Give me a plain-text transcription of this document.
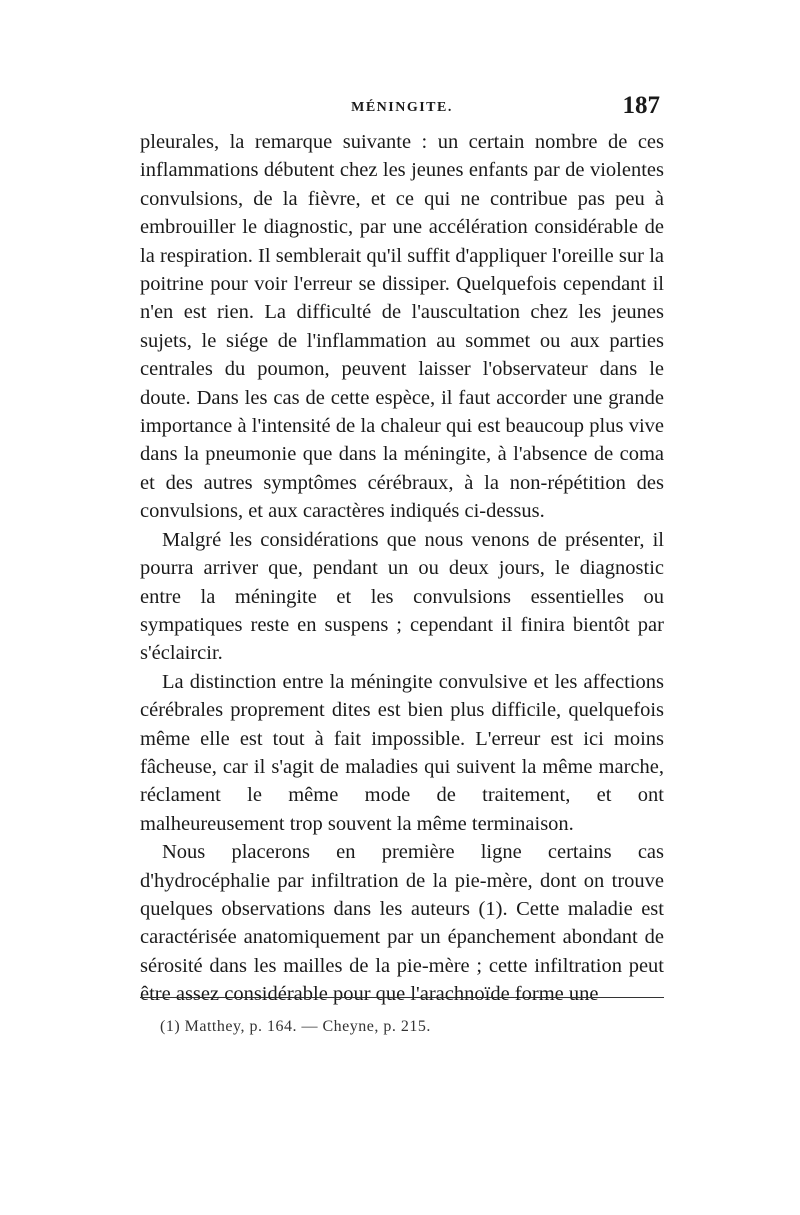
MÉNINGITE.	187

pleurales, la remarque suivante : un certain nombre de ces inflammations débutent chez les jeunes enfants par de violentes convulsions, de la fièvre, et ce qui ne contribue pas peu à embrouiller le diagnostic, par une accélération considérable de la respiration. Il semblerait qu'il suffit d'appliquer l'oreille sur la poitrine pour voir l'erreur se dissiper. Quelquefois cependant il n'en est rien. La difficulté de l'auscultation chez les jeunes sujets, le siége de l'inflammation au sommet ou aux parties centrales du poumon, peuvent laisser l'observateur dans le doute. Dans les cas de cette espèce, il faut accorder une grande importance à l'intensité de la chaleur qui est beaucoup plus vive dans la pneumonie que dans la méningite, à l'absence de coma et des autres symptômes cérébraux, à la non-répétition des convulsions, et aux caractères indiqués ci-dessus.

Malgré les considérations que nous venons de présenter, il pourra arriver que, pendant un ou deux jours, le diagnostic entre la méningite et les convulsions essentielles ou sympatiques reste en suspens ; cependant il finira bientôt par s'éclaircir.

La distinction entre la méningite convulsive et les affections cérébrales proprement dites est bien plus difficile, quelquefois même elle est tout à fait impossible. L'erreur est ici moins fâcheuse, car il s'agit de maladies qui suivent la même marche, réclament le même mode de traitement, et ont malheureusement trop souvent la même terminaison.

Nous placerons en première ligne certains cas d'hydrocéphalie par infiltration de la pie-mère, dont on trouve quelques observations dans les auteurs (1). Cette maladie est caractérisée anatomiquement par un épanchement abondant de sérosité dans les mailles de la pie-mère ; cette infiltration peut être assez considérable pour que l'arachnoïde forme une

(1) Matthey, p. 164. — Cheyne, p. 215.
